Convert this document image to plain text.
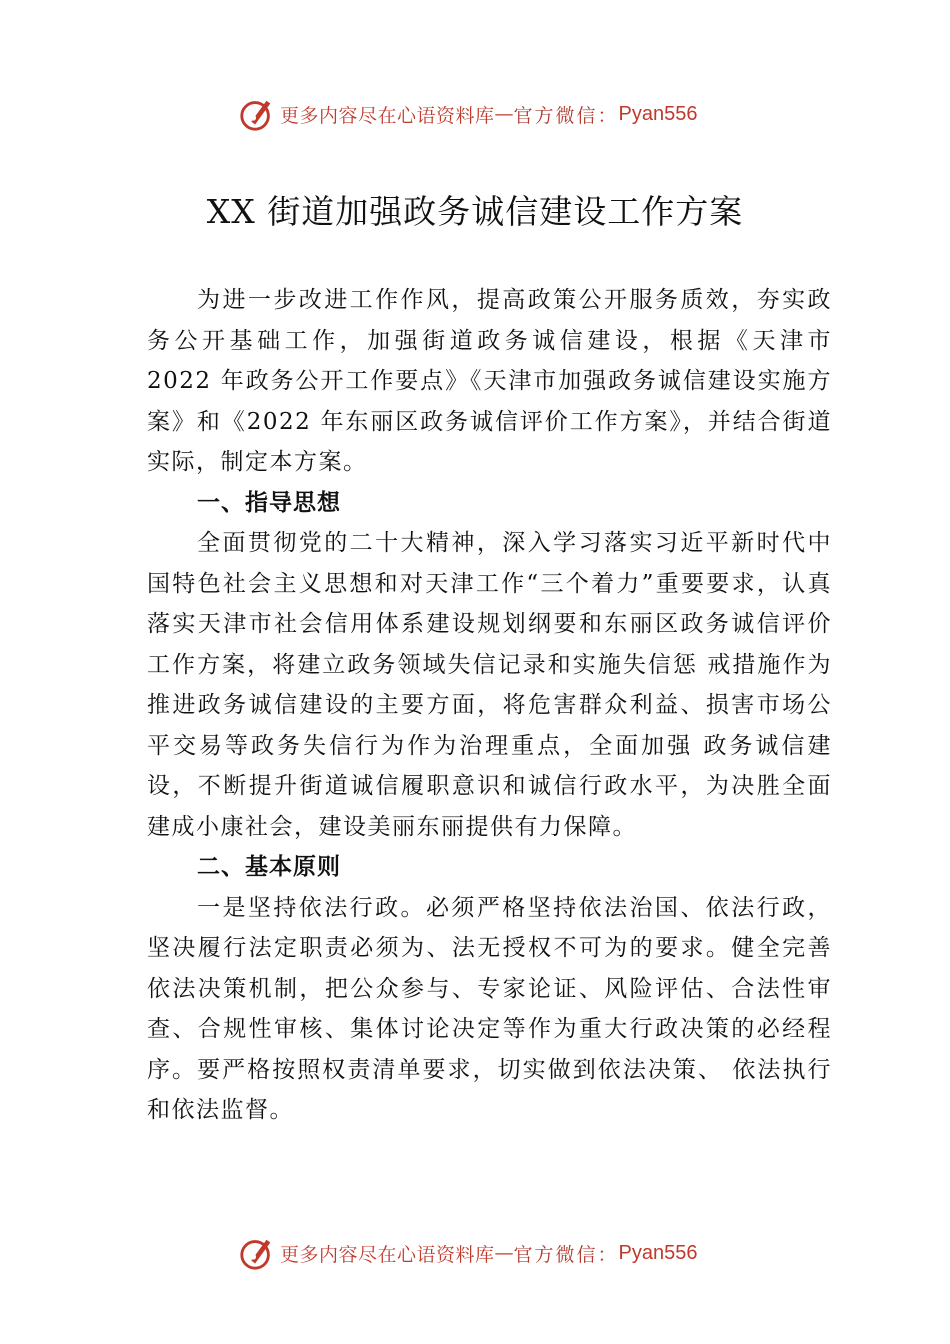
更多内容尽在心语资料库 — 官方微信： Pyan556
XX 街道加强政务诚信建设工作方案

为进一步改进工作作风，提高政策公开服务质效，夯实政务公开基础工作，加强街道政务诚信建设，根据《天津市 2022 年政务公开工作要点》《天津市加强政务诚信建设实施方案》和《2022 年东丽区政务诚信评价工作方案》，并结合街道实际，制定本方案。

一、指导思想

全面贯彻党的二十大精神，深入学习落实习近平新时代中国特色社会主义思想和对天津工作“三个着力”重要要求，认真落实天津市社会信用体系建设规划纲要和东丽区政务诚信评价工作方案，将建立政务领域失信记录和实施失信惩 戒措施作为推进政务诚信建设的主要方面，将危害群众利益、损害市场公平交易等政务失信行为作为治理重点，全面加强 政务诚信建设，不断提升街道诚信履职意识和诚信行政水平，为决胜全面建成小康社会，建设美丽东丽提供有力保障。

二、基本原则

一是坚持依法行政。必须严格坚持依法治国、依法行政，坚决履行法定职责必须为、法无授权不可为的要求。健全完善依法决策机制，把公众参与、专家论证、风险评估、合法性审查、合规性审核、集体讨论决定等作为重大行政决策的必经程序。要严格按照权责清单要求，切实做到依法决策、 依法执行和依法监督。

更多内容尽在心语资料库 — 官方微信： Pyan556
